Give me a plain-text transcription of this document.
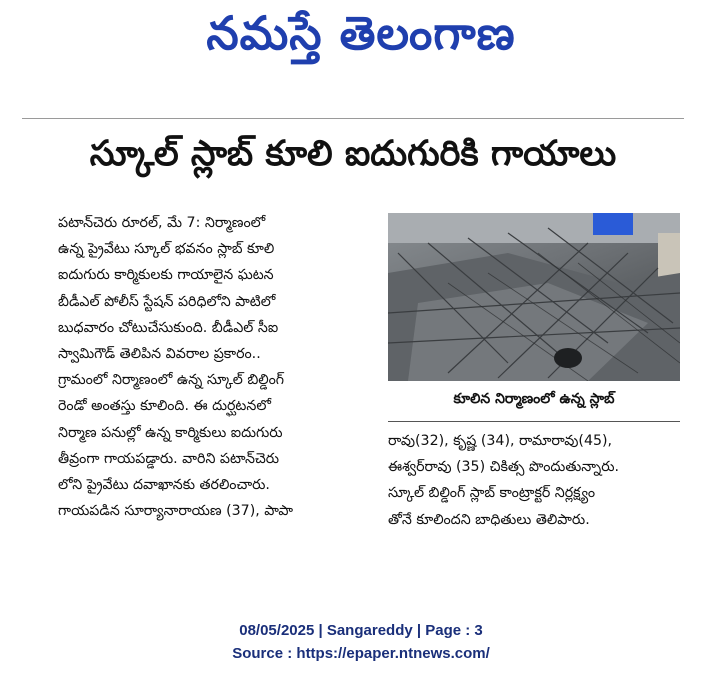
నమస్తే తెలంగాణ
స్కూల్ స్లాబ్ కూలి ఐదుగురికి గాయాలు
పటాన్‌చెరు రూరల్, మే 7: నిర్మాణంలో
ఉన్న ప్రైవేటు స్కూల్ భవనం స్లాబ్ కూలి
ఐదుగురు కార్మికులకు గాయాలైన ఘటన
బీడీఎల్ పోలీస్ స్టేషన్ పరిధిలోని పాటిలో
బుధవారం చోటుచేసుకుంది. బీడీఎల్ సీఐ
స్వామిగౌడ్ తెలిపిన వివరాల ప్రకారం..
గ్రామంలో నిర్మాణంలో ఉన్న స్కూల్ బిల్డింగ్
రెండో అంతస్తు కూలింది. ఈ దుర్ఘటనలో
నిర్మాణ పనుల్లో ఉన్న కార్మికులు ఐదుగురు
తీవ్రంగా గాయపడ్డారు. వారిని పటాన్‌చెరు
లోని ప్రైవేటు దవాఖానకు తరలించారు.
గాయపడిన సూర్యానారాయణ (37), పాపా
కూలిన నిర్మాణంలో ఉన్న స్లాబ్
రావు(32), కృష్ణ (34), రామారావు(45),
ఈశ్వర్‌రావు (35) చికిత్స పొందుతున్నారు.
స్కూల్ బిల్డింగ్ స్లాబ్ కాంట్రాక్టర్ నిర్లక్ష్యం
తోనే కూలిందని బాధితులు తెలిపారు.
08/05/2025 | Sangareddy | Page : 3
Source : https://epaper.ntnews.com/
